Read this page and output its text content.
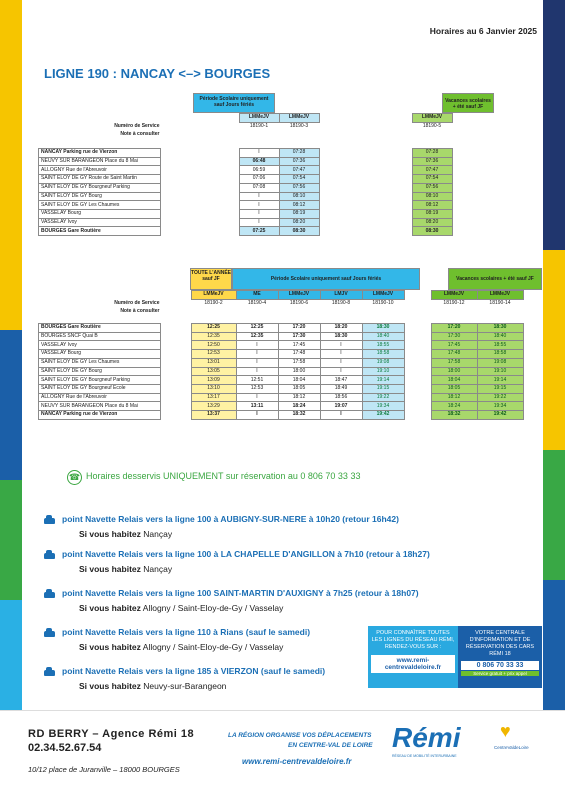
Horaires au 6 Janvier 2025
LIGNE 190 : NANCAY <–> BOURGES
Période Scolaire uniquement sauf Jours fériés
Vacances scolaires + été sauf JF
			LMMeJV	LMMeJV		LMMeJV	
Numéro de Service			18190-1	18190-3		18190-5	
Note à consulter							

NANCAY Parking rue de Vierzon			I	07:28		07:28	
NEUVY SUR BARANGEON Place du 8 Mai			06:48	07:36		07:36	
ALLOGNY Rue de l'Abreuvoir			06:59	07:47		07:47	
SAINT ELOY DE GY Route de Saint Martin			07:06	07:54		07:54	
SAINT ELOY DE GY Bourgneuf Parking			07:08	07:56		07:56	
SAINT ELOY DE GY Bourg			I	08:10		08:10	
SAINT ELOY DE GY Les Chaumes			I	08:12		08:12	
VASSELAY Bourg			I	08:19		08:19	
VASSELAY Ivoy			I	08:20		08:20	
BOURGES Gare Routière			07:25	08:30		08:30	
TOUTE L'ANNÉE sauf JF	Période Scolaire uniquement sauf Jours fériés	Vacances scolaires + été sauf JF
		LMMeJV	ME	LMMeJV	LMJV	LMMeJV		LMMeJV	LMMeJV
Numéro de Service		18190-2	18190-4	18190-6	18190-8	18190-10		18190-12	18190-14
Note à consulter									

BOURGES Gare Routière		12:25	12:25	17:20	18:20	18:30		17:20	18:30
BOURGES SNCF Quai B		12:35	12:35	17:30	18:30	18:40		17:30	18:40
VASSELAY Ivoy		12:50	I	17:45	I	18:55		17:45	18:55
VASSELAY Bourg		12:53	I	17:48	I	18:58		17:48	18:58
SAINT ELOY DE GY Les Chaumes		13:01	I	17:58	I	19:08		17:58	19:08
SAINT ELOY DE GY Bourg		13:05	I	18:00	I	19:10		18:00	19:10
SAINT ELOY DE GY Bourgneuf Parking		13:09	12:51	18:04	18:47	19:14		18:04	19:14
SAINT ELOY DE GY Bourgneuf Ecole		13:10	12:53	18:05	18:49	19:15		18:05	19:15
ALLOGNY Rue de l'Abreuvoir		13:17	I	18:12	18:56	19:22		18:12	19:22
NEUVY SUR BARANGEON Place du 8 Mai		13:29	13:11	18:24	19:07	19:34		18:24	19:34
NANCAY Parking rue de Vierzon		13:37	I	18:32	I	19:42		18:32	19:42
☎ Horaires desservis UNIQUEMENT sur réservation au 0 806 70 33 33
point Navette Relais vers la ligne 100 à AUBIGNY-SUR-NERE à 10h20 (retour 16h42)
Si vous habitez Nançay
point Navette Relais vers la ligne 100 à LA CHAPELLE D'ANGILLON à 7h10 (retour à 18h27)
Si vous habitez Nançay
point Navette Relais vers la ligne 100 SAINT-MARTIN D'AUXIGNY à 7h25 (retour à 18h07)
Si vous habitez Allogny / Saint-Eloy-de-Gy / Vasselay
point Navette Relais vers la ligne 110 à Rians (sauf le samedi)
Si vous habitez Allogny / Saint-Eloy-de-Gy / Vasselay
point Navette Relais vers la ligne 185 à VIERZON (sauf le samedi)
Si vous habitez Neuvy-sur-Barangeon
POUR CONNAÎTRE TOUTES LES LIGNES DU RÉSEAU RÉMI, RENDEZ-VOUS SUR :
www.remi-centrevaldeloire.fr
VOTRE CENTRALE D'INFORMATION ET DE RÉSERVATION DES CARS RÉMI 18
0 806 70 33 33
Service gratuit + prix appel
RD BERRY – Agence Rémi 18
02.34.52.67.54
10/12 place de Juranville – 18000 BOURGES
LA RÉGION ORGANISE VOS DÉPLACEMENTS
EN CENTRE-VAL DE LOIRE
www.remi-centrevaldeloire.fr
Rémi
RÉSEAU DE MOBILITÉ INTERURBAINE
♥
CentreValdeLoire
